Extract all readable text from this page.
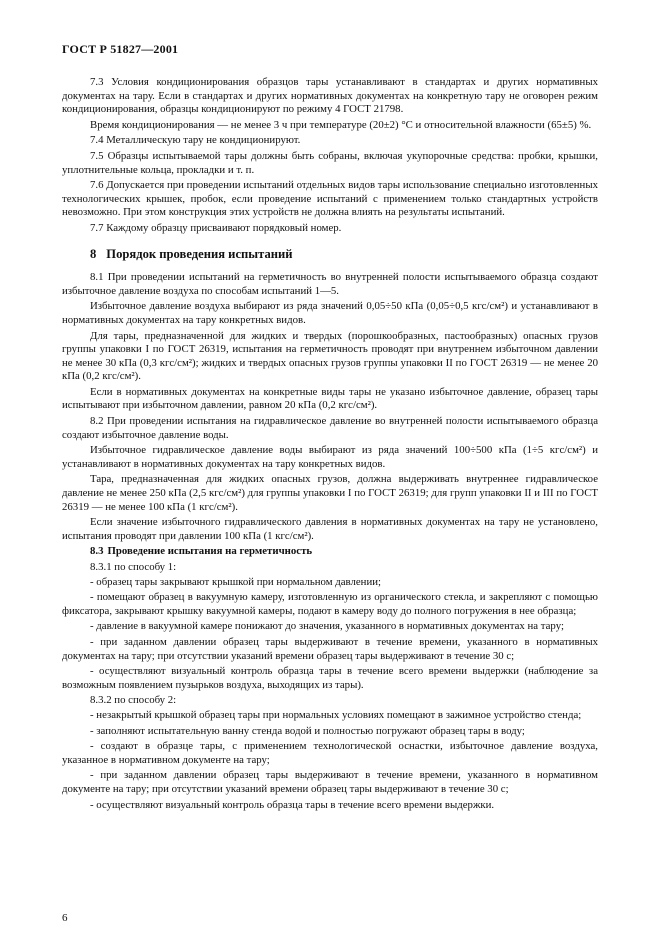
ГОСТ Р 51827—2001

7.3 Условия кондиционирования образцов тары устанавливают в стандартах и других нормативных документах на тару. Если в стандартах и других нормативных документах на конкретную тару не оговорен режим кондиционирования, образцы кондиционируют по режиму 4 ГОСТ 21798.

Время кондиционирования — не менее 3 ч при температуре (20±2) °С и относительной влажности (65±5) %.

7.4 Металлическую тару не кондиционируют.

7.5 Образцы испытываемой тары должны быть собраны, включая укупорочные средства: пробки, крышки, уплотнительные кольца, прокладки и т. п.

7.6 Допускается при проведении испытаний отдельных видов тары использование специально изготовленных технологических крышек, пробок, если проведение испытаний с применением только стандартных устройств невозможно. При этом конструкция этих устройств не должна влиять на результаты испытаний.

7.7 Каждому образцу присваивают порядковый номер.

8 Порядок проведения испытаний

8.1 При проведении испытаний на герметичность во внутренней полости испытываемого образца создают избыточное давление воздуха по способам испытаний 1—5.

Избыточное давление воздуха выбирают из ряда значений 0,05÷50 кПа (0,05÷0,5 кгс/см²) и устанавливают в нормативных документах на тару конкретных видов.

Для тары, предназначенной для жидких и твердых (порошкообразных, пастообразных) опасных грузов группы упаковки I по ГОСТ 26319, испытания на герметичность проводят при внутреннем избыточном давлении не менее 30 кПа (0,3 кгс/см²); жидких и твердых опасных грузов группы упаковки II по ГОСТ 26319 — не менее 20 кПа (0,2 кгс/см²).

Если в нормативных документах на конкретные виды тары не указано избыточное давление, образец тары испытывают при избыточном давлении, равном 20 кПа (0,2 кгс/см²).

8.2 При проведении испытания на гидравлическое давление во внутренней полости испытываемого образца создают избыточное давление воды.

Избыточное гидравлическое давление воды выбирают из ряда значений 100÷500 кПа (1÷5 кгс/см²) и устанавливают в нормативных документах на тару конкретных видов.

Тара, предназначенная для жидких опасных грузов, должна выдерживать внутреннее гидравлическое давление не менее 250 кПа (2,5 кгс/см²) для группы упаковки I по ГОСТ 26319; для групп упаковки II и III по ГОСТ 26319 — не менее 100 кПа (1 кгс/см²).

Если значение избыточного гидравлического давления в нормативных документах на тару не установлено, испытания проводят при давлении 100 кПа (1 кгс/см²).

8.3 Проведение испытания на герметичность
8.3.1 по способу 1:

- образец тары закрывают крышкой при нормальном давлении;

- помещают образец в вакуумную камеру, изготовленную из органического стекла, и закрепляют с помощью фиксатора, закрывают крышку вакуумной камеры, подают в камеру воду до полного погружения в нее образца;

- давление в вакуумной камере понижают до значения, указанного в нормативных документах на тару;

- при заданном давлении образец тары выдерживают в течение времени, указанного в нормативных документах на тару; при отсутствии указаний времени образец тары выдерживают в течение 30 с;

- осуществляют визуальный контроль образца тары в течение всего времени выдержки (наблюдение за возможным появлением пузырьков воздуха, выходящих из тары).

8.3.2 по способу 2:

- незакрытый крышкой образец тары при нормальных условиях помещают в зажимное устройство стенда;

- заполняют испытательную ванну стенда водой и полностью погружают образец тары в воду;

- создают в образце тары, с применением технологической оснастки, избыточное давление воздуха, указанное в нормативном документе на тару;

- при заданном давлении образец тары выдерживают в течение времени, указанного в нормативном документе на тару; при отсутствии указаний времени образец тары выдерживают в течение 30 с;

- осуществляют визуальный контроль образца тары в течение всего времени выдержки.

6
